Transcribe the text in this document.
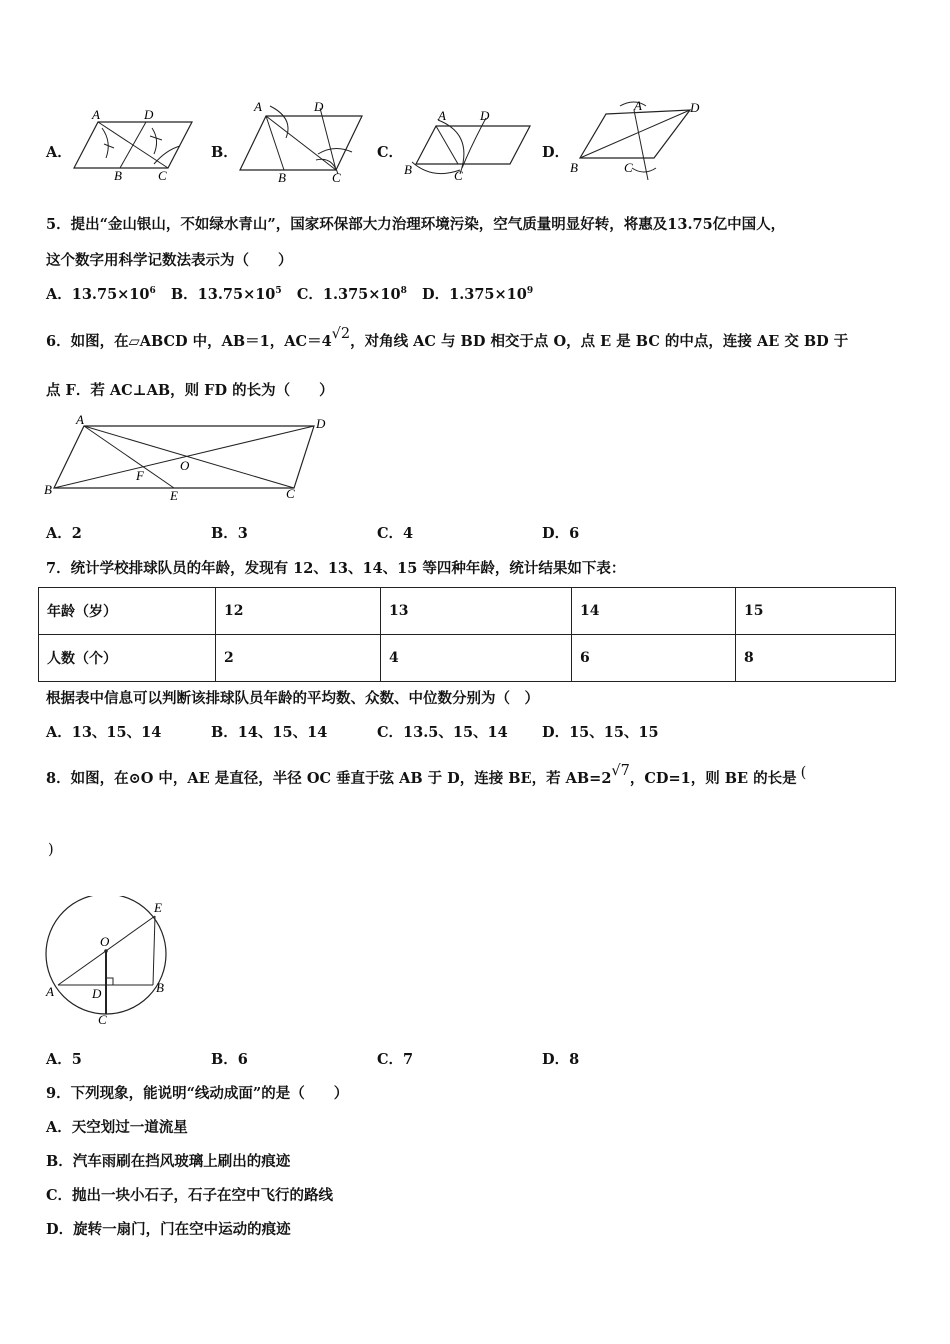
A．
A	D
B	C
B．
A	D
B	C
C．
A	D
B	C
D．
A	D
B	C
5．提出“金山银山，不如绿水青山”，国家环保部大力治理环境污染，空气质量明显好转，将惠及13.75亿中国人，
这个数字用科学记数法表示为（　　）
A．$13.75\times 10^6$ B．$13.75\times 10^5$ C．$1.375\times 10^8$ D．$1.375\times 10^9$
6．如图，在▱ABCD 中，AB＝1，AC＝4√2，对角线 AC 与 BD 相交于点 O，点 E 是 BC 的中点，连接 AE 交 BD 于
点 F．若 AC⊥AB，则 FD 的长为（　　）
A	D
B	C
F
O
E
A．2	B．3	C．4	D．6
7．统计学校排球队员的年龄，发现有 12、13、14、15 等四种年龄，统计结果如下表：
年龄（岁）	12	13	14	15
人数（个）	2	4	6	8
根据表中信息可以判断该排球队员年龄的平均数、众数、中位数分别为（　）
A．13、15、14	B．14、15、14	C．13.5、15、14 D．15、15、15
8．如图，在⊙O 中，AE 是直径，半径 OC 垂直于弦 AB 于 D，连接 BE，若 AB=2√7，CD=1，则 BE 的长是 (
)
E
O
A	D	B
C
A．5	B．6	C．7	D．8
9．下列现象，能说明“线动成面”的是（　　）
A．天空划过一道流星
B．汽车雨刷在挡风玻璃上刷出的痕迹
C．抛出一块小石子，石子在空中飞行的路线
D．旋转一扇门，门在空中运动的痕迹
